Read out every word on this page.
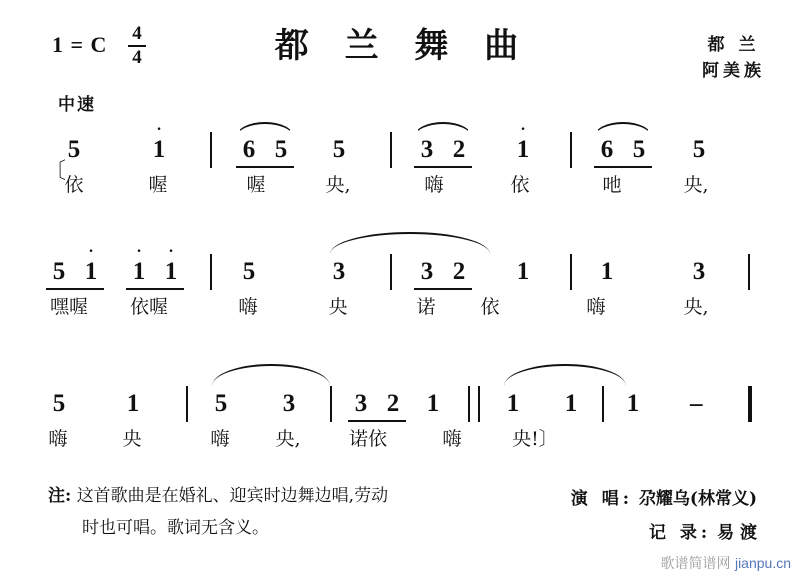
都 兰 舞 曲
1 = C	4
4
都 兰
阿美族
中速
〔
5	1
·
6 5 5	3 2 1
·
6 5 5
依	喔	喔	央,	嗨	依	吔	央,
5 1
·
1
·
1
·
5	3	3 2 1	1	3
嘿喔	依喔	嗨	央	诺	依	嗨	央,
5 1	5 3 3 2 1	1 1 1 –
嗨	央	嗨	央,	诺依	嗨	央!〕
注: 这首歌曲是在婚礼、迎宾时边舞边唱,劳动
时也可唱。歌词无含义。
演 唱: 尕耀乌(林常义)
记 录: 易 渡
歌谱简谱网 jianpu.cn
